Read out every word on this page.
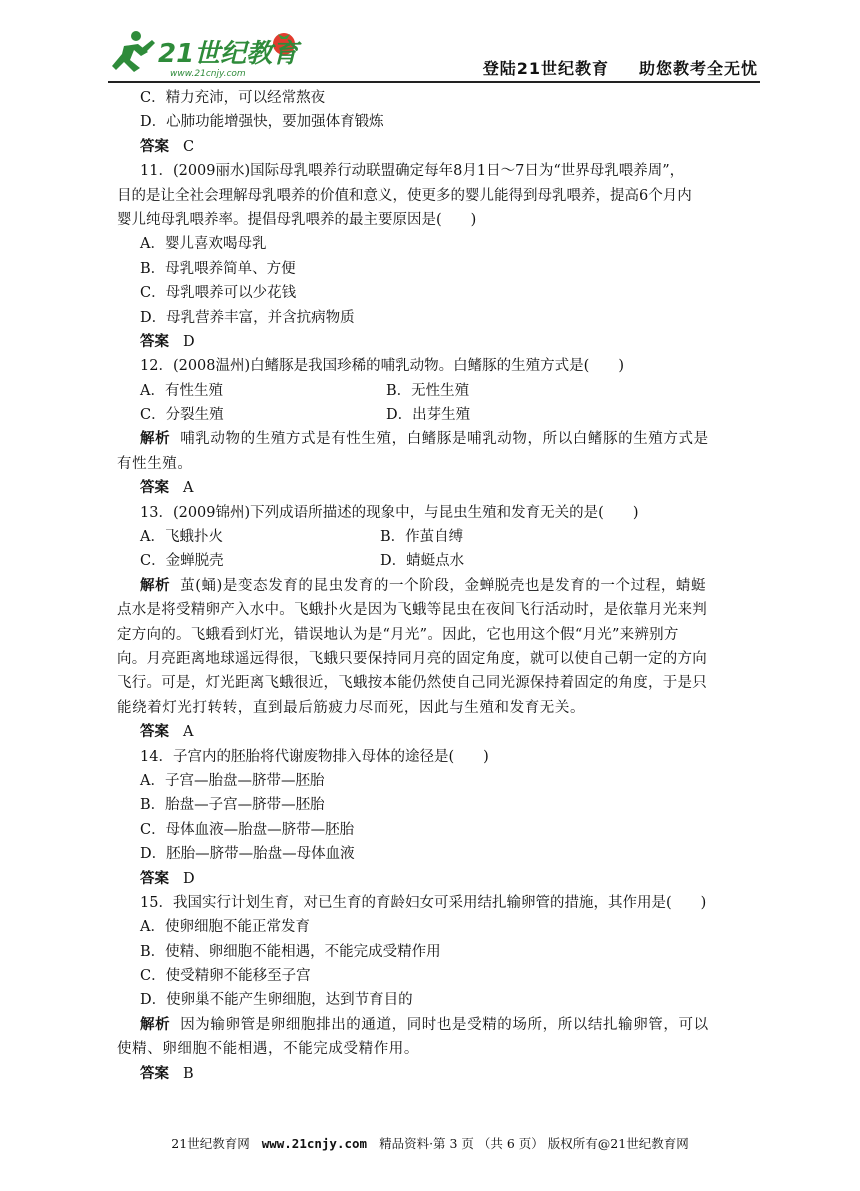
21世纪教育
www.21cnjy.com	登陆21世纪教育 助您教考全无忧
C．精力充沛，可以经常熬夜
D．心肺功能增强快，要加强体育锻炼
答案 C
11．(2009丽水)国际母乳喂养行动联盟确定每年8月1日～7日为“世界母乳喂养周”，
目的是让全社会理解母乳喂养的价值和意义，使更多的婴儿能得到母乳喂养，提高6个月内
婴儿纯母乳喂养率。提倡母乳喂养的最主要原因是(　　)
A．婴儿喜欢喝母乳
B．母乳喂养简单、方便
C．母乳喂养可以少花钱
D．母乳营养丰富，并含抗病物质
答案 D
12．(2008温州)白鳍豚是我国珍稀的哺乳动物。白鳍豚的生殖方式是(　　)
A．有性生殖	B．无性生殖
C．分裂生殖	D．出芽生殖
解析 哺乳动物的生殖方式是有性生殖，白鳍豚是哺乳动物，所以白鳍豚的生殖方式是
有性生殖。
答案 A
13．(2009锦州)下列成语所描述的现象中，与昆虫生殖和发育无关的是(　　)
A．飞蛾扑火	B．作茧自缚
C．金蝉脱壳	D．蜻蜓点水
解析 茧(蛹)是变态发育的昆虫发育的一个阶段，金蝉脱壳也是发育的一个过程，蜻蜓
点水是将受精卵产入水中。飞蛾扑火是因为飞蛾等昆虫在夜间飞行活动时，是依靠月光来判
定方向的。飞蛾看到灯光，错误地认为是“月光”。因此，它也用这个假“月光”来辨别方
向。月亮距离地球遥远得很，飞蛾只要保持同月亮的固定角度，就可以使自己朝一定的方向
飞行。可是，灯光距离飞蛾很近，飞蛾按本能仍然使自己同光源保持着固定的角度，于是只
能绕着灯光打转转，直到最后筋疲力尽而死，因此与生殖和发育无关。
答案 A
14．子宫内的胚胎将代谢废物排入母体的途径是(　　)
A．子宫—胎盘—脐带—胚胎
B．胎盘—子宫—脐带—胚胎
C．母体血液—胎盘—脐带—胚胎
D．胚胎—脐带—胎盘—母体血液
答案 D
15．我国实行计划生育，对已生育的育龄妇女可采用结扎输卵管的措施，其作用是(　　)
A．使卵细胞不能正常发育
B．使精、卵细胞不能相遇，不能完成受精作用
C．使受精卵不能移至子宫
D．使卵巢不能产生卵细胞，达到节育目的
解析 因为输卵管是卵细胞排出的通道，同时也是受精的场所，所以结扎输卵管，可以
使精、卵细胞不能相遇，不能完成受精作用。
答案 B
21世纪教育网 www.21cnjy.com 精品资料·第 3 页 （共 6 页） 版权所有@21世纪教育网
